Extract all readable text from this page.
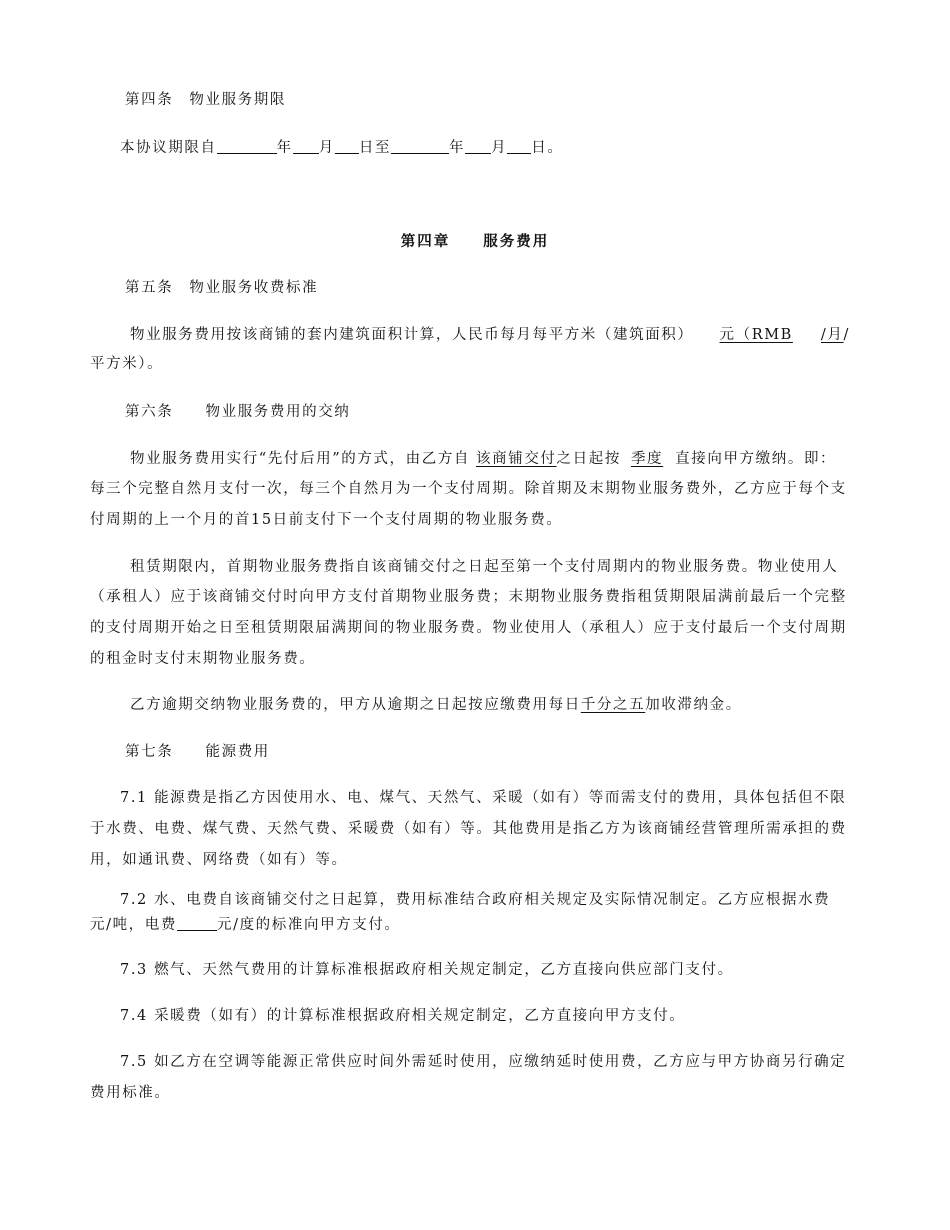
第四条　物业服务期限
本协议期限自	年 月 日至	年 月 日。
第四章　　服务费用
第五条　物业服务收费标准
物业服务费用按该商铺的套内建筑面积计算，人民币每月每平方米（建筑面积） 元（RMB /月/
平方米）。
第六条　　物业服务费用的交纳
物业服务费用实行“先付后用”的方式，由乙方自 该商铺交付之日起按 季度 直接向甲方缴纳。即：
每三个完整自然月支付一次，每三个自然月为一个支付周期。除首期及末期物业服务费外，乙方应于每个支
付周期的上一个月的首15日前支付下一个支付周期的物业服务费。
租赁期限内，首期物业服务费指自该商铺交付之日起至第一个支付周期内的物业服务费。物业使用人
（承租人）应于该商铺交付时向甲方支付首期物业服务费；末期物业服务费指租赁期限届满前最后一个完整
的支付周期开始之日至租赁期限届满期间的物业服务费。物业使用人（承租人）应于支付最后一个支付周期
的租金时支付末期物业服务费。
乙方逾期交纳物业服务费的，甲方从逾期之日起按应缴费用每日千分之五加收滞纳金。
第七条　　能源费用
7.1 能源费是指乙方因使用水、电、煤气、天然气、采暖（如有）等而需支付的费用，具体包括但不限
于水费、电费、煤气费、天然气费、采暖费（如有）等。其他费用是指乙方为该商铺经营管理所需承担的费
用，如通讯费、网络费（如有）等。
7.2 水、电费自该商铺交付之日起算，费用标准结合政府相关规定及实际情况制定。乙方应根据水费
元/吨，电费	元/度的标准向甲方支付。
7.3 燃气、天然气费用的计算标准根据政府相关规定制定，乙方直接向供应部门支付。
7.4 采暖费（如有）的计算标准根据政府相关规定制定，乙方直接向甲方支付。
7.5 如乙方在空调等能源正常供应时间外需延时使用，应缴纳延时使用费，乙方应与甲方协商另行确定
费用标准。
